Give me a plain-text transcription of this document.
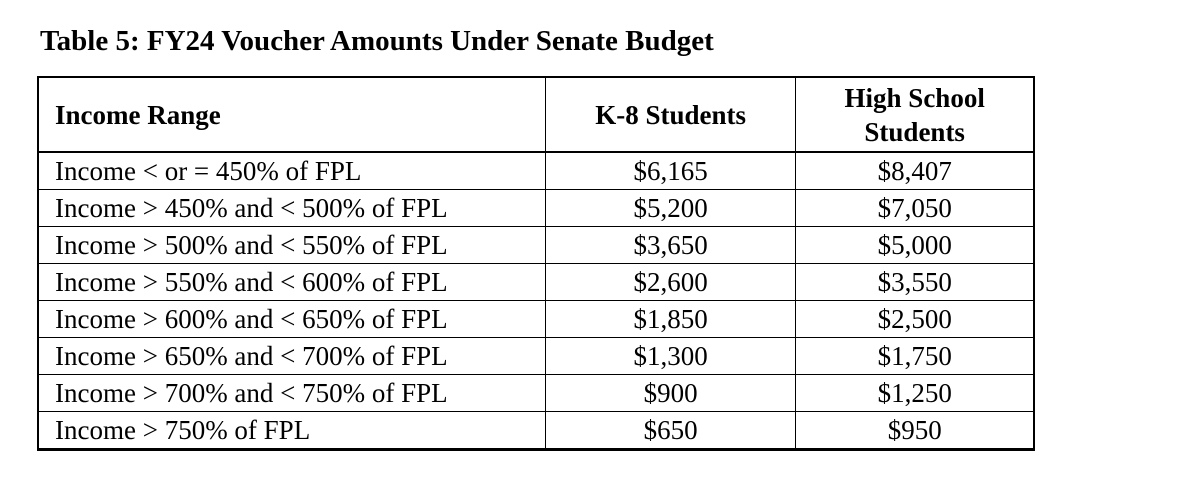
Table 5: FY24 Voucher Amounts Under Senate Budget
Income Range	K-8 Students	High School
Students
Income < or = 450% of FPL	$6,165	$8,407
Income > 450% and < 500% of FPL	$5,200	$7,050
Income > 500% and < 550% of FPL	$3,650	$5,000
Income > 550% and < 600% of FPL	$2,600	$3,550
Income > 600% and < 650% of FPL	$1,850	$2,500
Income > 650% and < 700% of FPL	$1,300	$1,750
Income > 700% and < 750% of FPL	$900	$1,250
Income > 750% of FPL	$650	$950
